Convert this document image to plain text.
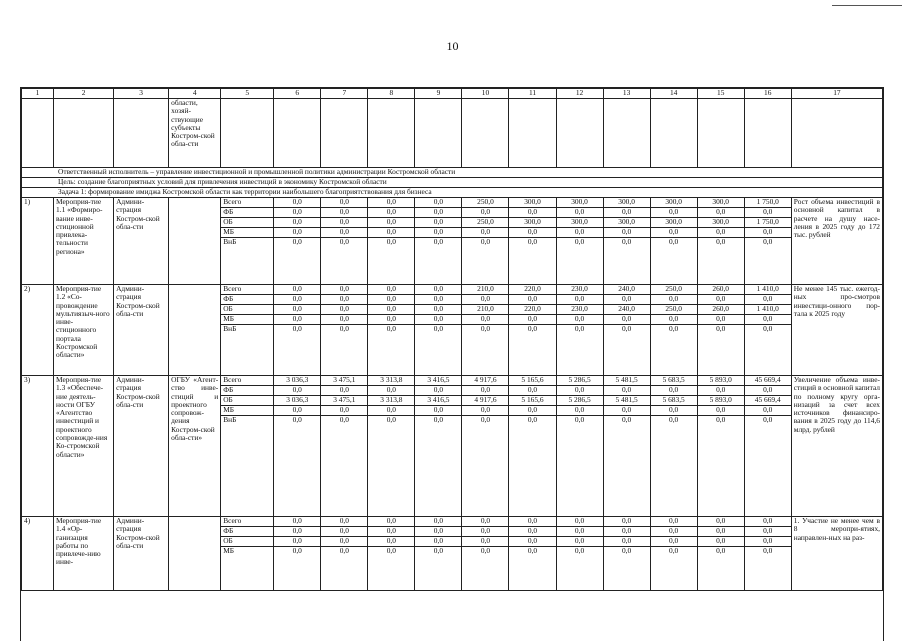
10
1	2	3	4	5	6	7	8	9	10	11	12	13	14	15	16	17
			области, хозяй-ствующие субъекты Костром-ской обла-сти													
Ответственный исполнитель – управление инвестиционной и промышленной политики администрации Костромской области																
Цель: создание благоприятных условий для привлечения инвестиций в экономику Костромской области																
Задача 1: формирование имиджа Костромской области как территории наибольшего благоприятствования для бизнеса																
1)	Мероприя-тие 1.1 «Формиро-вание инве-стиционной привлека-тельности региона»	Админи-страция Костром-ской обла-сти		Всего	0,0	0,0	0,0	0,0	250,0	300,0	300,0	300,0	300,0	300,0	1 750,0	Рост объема инвестиций в основной капитал в расчете на душу насе-ления в 2025 году до 172 тыс. рублей
				ФБ	0,0	0,0	0,0	0,0	0,0	0,0	0,0	0,0	0,0	0,0	0,0	
				ОБ	0,0	0,0	0,0	0,0	250,0	300,0	300,0	300,0	300,0	300,0	1 750,0	
				МБ	0,0	0,0	0,0	0,0	0,0	0,0	0,0	0,0	0,0	0,0	0,0	
				ВнБ	0,0	0,0	0,0	0,0	0,0	0,0	0,0	0,0	0,0	0,0	0,0	
2)	Мероприя-тие 1.2 «Со-провождение мультиязыч-ного инве-стиционного портала Костромской области»	Админи-страция Костром-ской обла-сти		Всего	0,0	0,0	0,0	0,0	210,0	220,0	230,0	240,0	250,0	260,0	1 410,0	Не менее 145 тыс. ежегод-ных про-смотров инвестици-онного пор-тала к 2025 году
				ФБ	0,0	0,0	0,0	0,0	0,0	0,0	0,0	0,0	0,0	0,0	0,0	
				ОБ	0,0	0,0	0,0	0,0	210,0	220,0	230,0	240,0	250,0	260,0	1 410,0	
				МБ	0,0	0,0	0,0	0,0	0,0	0,0	0,0	0,0	0,0	0,0	0,0	
				ВнБ	0,0	0,0	0,0	0,0	0,0	0,0	0,0	0,0	0,0	0,0	0,0	
3)	Мероприя-тие 1.3 «Обеспече-ние деятель-ности ОГБУ «Агентство инвестиций и проектного сопровожде-ния Ко-стромской области»	Админи-страция Костром-ской обла-сти	ОГБУ «Агент-ство инве-стиций и проектного сопровож-дения Костром-ской обла-сти»	Всего	3 036,3	3 475,1	3 313,8	3 416,5	4 917,6	5 165,6	5 286,5	5 481,5	5 683,5	5 893,0	45 669,4	Увеличение объема инве-стиций в основной капитал по полному кругу орга-низаций за счет всех источников финансиро-вания в 2025 году до 114,6 млрд. рублей
				ФБ	0,0	0,0	0,0	0,0	0,0	0,0	0,0	0,0	0,0	0,0	0,0	
				ОБ	3 036,3	3 475,1	3 313,8	3 416,5	4 917,6	5 165,6	5 286,5	5 481,5	5 683,5	5 893,0	45 669,4	
				МБ	0,0	0,0	0,0	0,0	0,0	0,0	0,0	0,0	0,0	0,0	0,0	
				ВнБ	0,0	0,0	0,0	0,0	0,0	0,0	0,0	0,0	0,0	0,0	0,0	
4)	Мероприя-тие 1.4 «Ор-ганизация работы по привлече-нию инве-	Админи-страция Костром-ской обла-сти		Всего	0,0	0,0	0,0	0,0	0,0	0,0	0,0	0,0	0,0	0,0	0,0	1. Участие не менее чем в 8 меропри-ятиях, направлен-ных на раз-
				ФБ	0,0	0,0	0,0	0,0	0,0	0,0	0,0	0,0	0,0	0,0	0,0	
				ОБ	0,0	0,0	0,0	0,0	0,0	0,0	0,0	0,0	0,0	0,0	0,0	
				МБ	0,0	0,0	0,0	0,0	0,0	0,0	0,0	0,0	0,0	0,0	0,0	
